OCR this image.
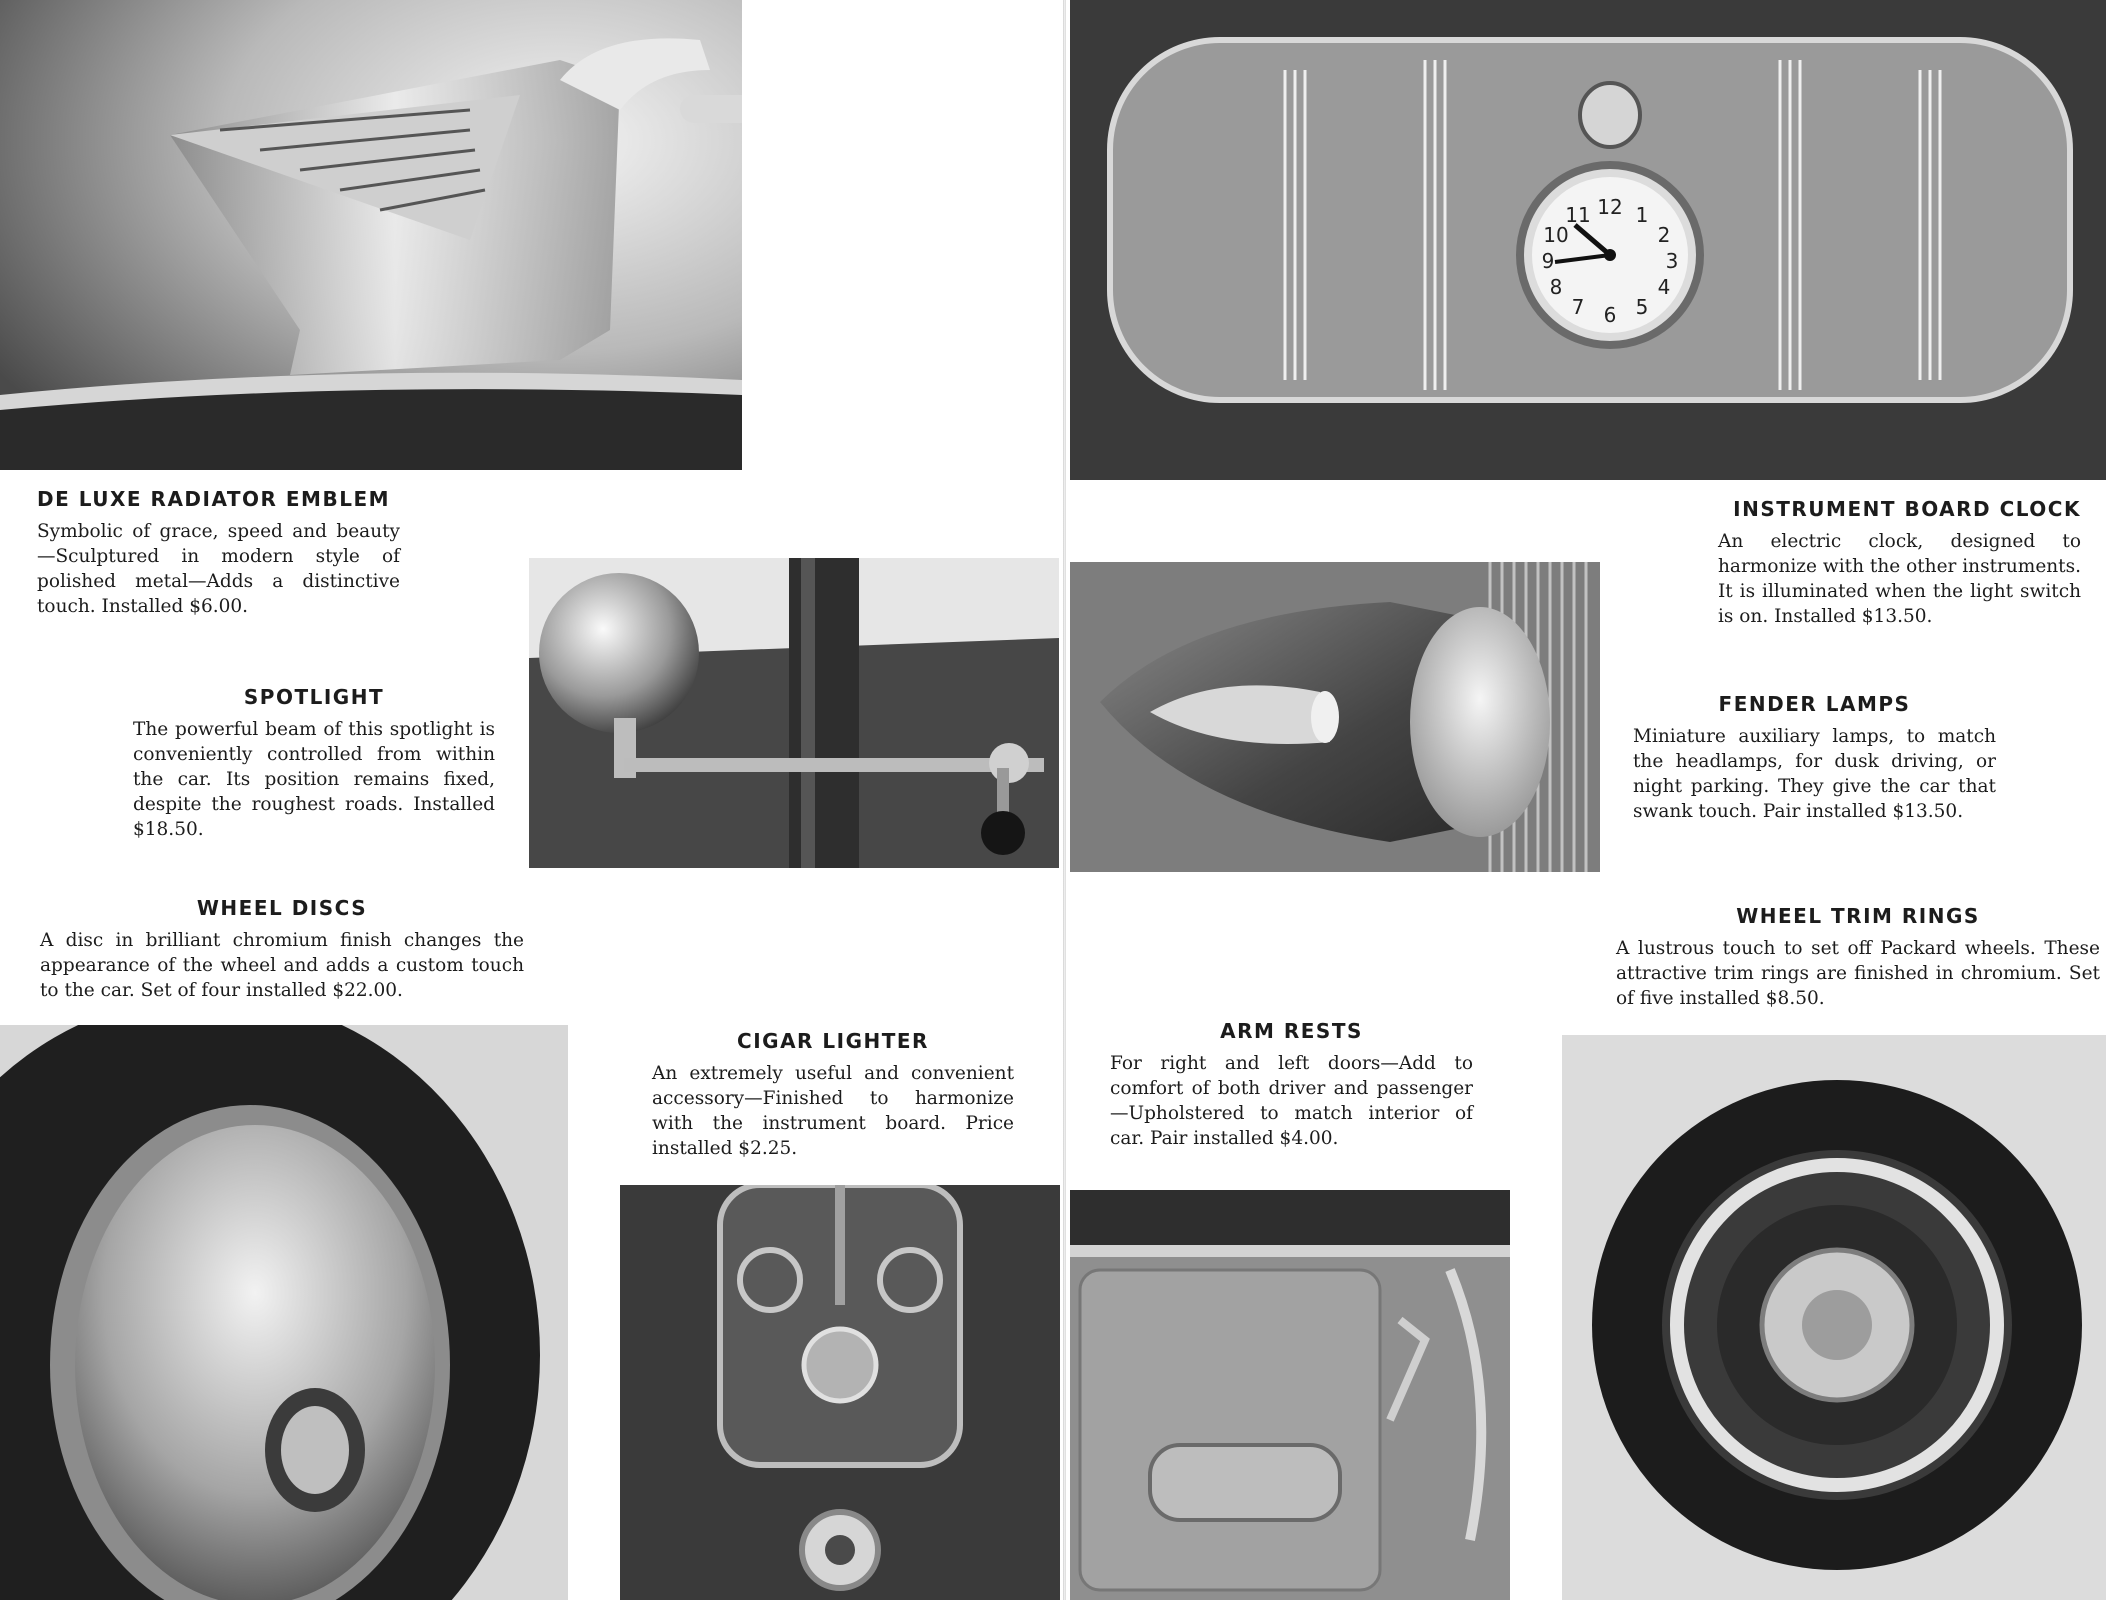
12 1
2
3
4
5
6
7
8
9
10
11
DE LUXE RADIATOR EMBLEM

Symbolic of grace, speed and beauty—Sculptured in modern style of polished metal—Adds a distinctive touch. Installed $6.00.

SPOTLIGHT

The powerful beam of this spotlight is conveniently controlled from within the car. Its position remains fixed, despite the roughest roads. Installed $18.50.

WHEEL DISCS

A disc in brilliant chromium finish changes the appearance of the wheel and adds a custom touch to the car. Set of four installed $22.00.

CIGAR LIGHTER

An extremely useful and convenient accessory—Finished to harmonize with the instrument board. Price installed $2.25.

INSTRUMENT BOARD CLOCK

An electric clock, designed to harmonize with the other instruments. It is illuminated when the light switch is on. Installed $13.50.

FENDER LAMPS

Miniature auxiliary lamps, to match the headlamps, for dusk driving, or night parking. They give the car that swank touch. Pair installed $13.50.

WHEEL TRIM RINGS

A lustrous touch to set off Packard wheels. These attractive trim rings are finished in chromium. Set of five installed $8.50.

ARM RESTS

For right and left doors—Add to comfort of both driver and passenger—Upholstered to match interior of car. Pair installed $4.00.
